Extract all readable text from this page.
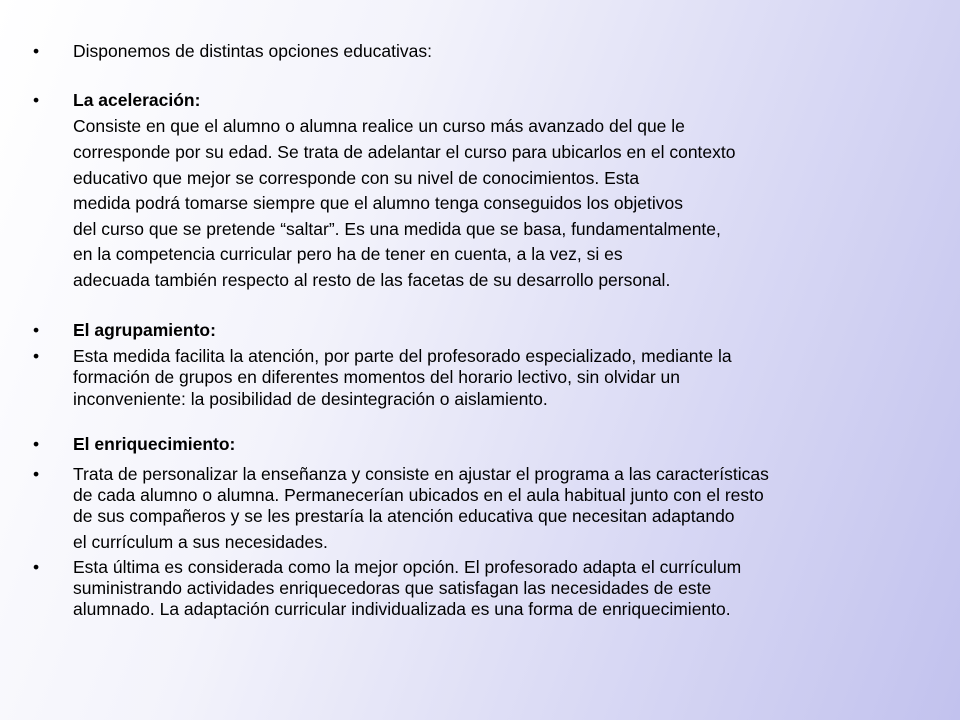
• Disponemos de distintas opciones educativas:
• La aceleración:
Consiste en que el alumno o alumna realice un curso más avanzado del que le
corresponde por su edad. Se trata de adelantar el curso para ubicarlos en el contexto
educativo que mejor se corresponde con su nivel de conocimientos. Esta
medida podrá tomarse siempre que el alumno tenga conseguidos los objetivos
del curso que se pretende “saltar”. Es una medida que se basa, fundamentalmente,
en la competencia curricular pero ha de tener en cuenta, a la vez, si es
adecuada también respecto al resto de las facetas de su desarrollo personal.
• El agrupamiento:
• Esta medida facilita la atención, por parte del profesorado especializado, mediante la
formación de grupos en diferentes momentos del horario lectivo, sin olvidar un
inconveniente: la posibilidad de desintegración o aislamiento.
• El enriquecimiento:
• Trata de personalizar la enseñanza y consiste en ajustar el programa a las características
de cada alumno o alumna. Permanecerían ubicados en el aula habitual junto con el resto
de sus compañeros y se les prestaría la atención educativa que necesitan adaptando
el currículum a sus necesidades.
• Esta última es considerada como la mejor opción. El profesorado adapta el currículum
suministrando actividades enriquecedoras que satisfagan las necesidades de este
alumnado. La adaptación curricular individualizada es una forma de enriquecimiento.
